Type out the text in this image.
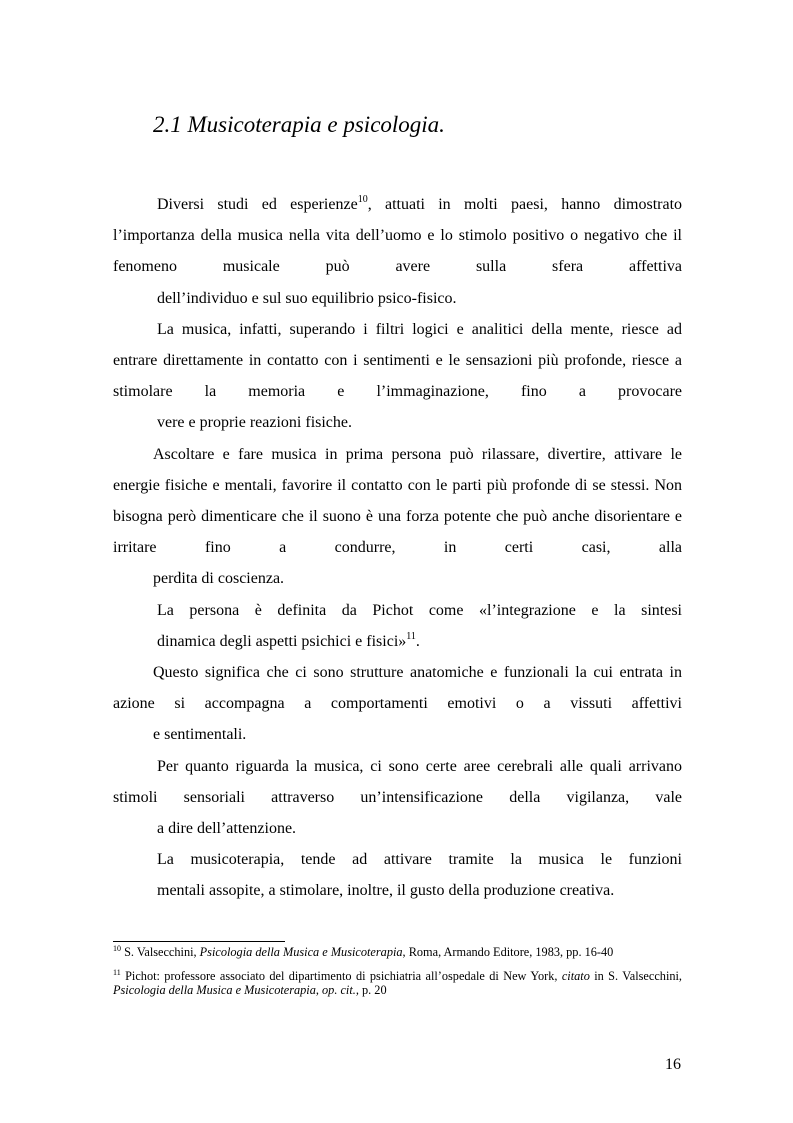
2.1 Musicoterapia e psicologia.

Diversi studi ed esperienze$^{10}$, attuati in molti paesi, hanno dimostrato l’importanza della musica nella vita dell’uomo e lo stimolo positivo o negativo che il fenomeno musicale può avere sulla sfera affettiva
dell’individuo e sul suo equilibrio psico-fisico.

La musica, infatti, superando i filtri logici e analitici della mente, riesce ad entrare direttamente in contatto con i sentimenti e le sensazioni più profonde, riesce a stimolare la memoria e l’immaginazione, fino a provocare
vere e proprie reazioni fisiche.

Ascoltare e fare musica in prima persona può rilassare, divertire, attivare le energie fisiche e mentali, favorire il contatto con le parti più profonde di se stessi. Non bisogna però dimenticare che il suono è una forza potente che può anche disorientare e irritare fino a condurre, in certi casi, alla
perdita di coscienza.

La persona è definita da Pichot come «l’integrazione e la sintesi
dinamica degli aspetti psichici e fisici»$^{11}$.

Questo significa che ci sono strutture anatomiche e funzionali la cui entrata in azione si accompagna a comportamenti emotivi o a vissuti affettivi
e sentimentali.

Per quanto riguarda la musica, ci sono certe aree cerebrali alle quali arrivano stimoli sensoriali attraverso un’intensificazione della vigilanza, vale
a dire dell’attenzione.

La musicoterapia, tende ad attivare tramite la musica le funzioni
mentali assopite, a stimolare, inoltre, il gusto della produzione creativa.

$^{10}$ S. Valsecchini, Psicologia della Musica e Musicoterapia, Roma, Armando Editore, 1983, pp. 16-40

$^{11}$ Pichot: professore associato del dipartimento di psichiatria all’ospedale di New York, citato in S. Valsecchini, Psicologia della Musica e Musicoterapia, op. cit., p. 20

16
